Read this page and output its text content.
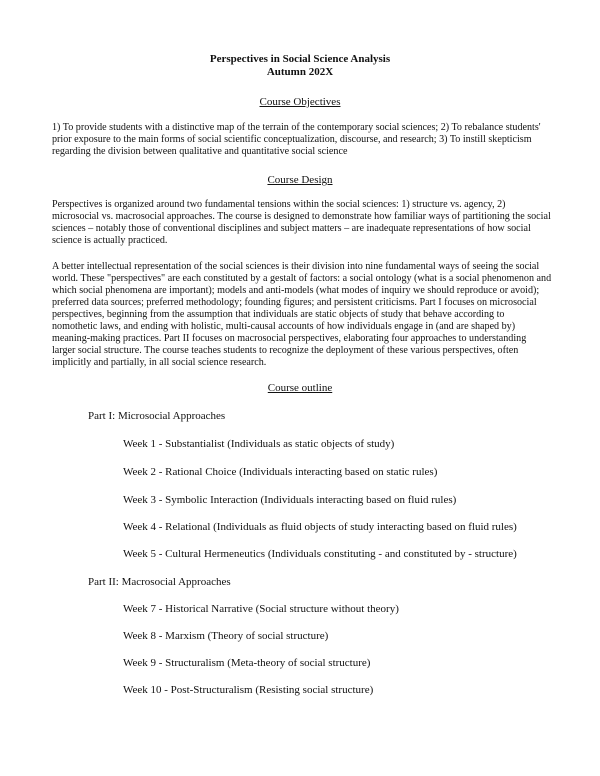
Perspectives in Social Science Analysis
Autumn 202X
Course Objectives
1) To provide students with a distinctive map of the terrain of the contemporary social sciences; 2) To rebalance students' prior exposure to the main forms of social scientific conceptualization, discourse, and research; 3) To instill skepticism regarding the division between qualitative and quantitative social science
Course Design
Perspectives is organized around two fundamental tensions within the social sciences: 1) structure vs. agency, 2) microsocial vs. macrosocial approaches. The course is designed to demonstrate how familiar ways of partitioning the social sciences – notably those of conventional disciplines and subject matters – are inadequate representations of how social science is actually practiced.
A better intellectual representation of the social sciences is their division into nine fundamental ways of seeing the social world. These "perspectives" are each constituted by a gestalt of factors: a social ontology (what is a social phenomenon and which social phenomena are important); models and anti-models (what modes of inquiry we should reproduce or avoid); preferred data sources; preferred methodology; founding figures; and persistent criticisms. Part I focuses on microsocial perspectives, beginning from the assumption that individuals are static objects of study that behave according to nomothetic laws, and ending with holistic, multi-causal accounts of how individuals engage in (and are shaped by) meaning-making practices. Part II focuses on macrosocial perspectives, elaborating four approaches to understanding larger social structure. The course teaches students to recognize the deployment of these various perspectives, often implicitly and partially, in all social science research.
Course outline
Part I: Microsocial Approaches
Week 1 - Substantialist (Individuals as static objects of study)
Week 2 - Rational Choice (Individuals interacting based on static rules)
Week 3 - Symbolic Interaction (Individuals interacting based on fluid rules)
Week 4 - Relational (Individuals as fluid objects of study interacting based on fluid rules)
Week 5 - Cultural Hermeneutics (Individuals constituting - and constituted by - structure)
Part II: Macrosocial Approaches
Week 7 - Historical Narrative (Social structure without theory)
Week 8 - Marxism (Theory of social structure)
Week 9 - Structuralism (Meta-theory of social structure)
Week 10 - Post-Structuralism (Resisting social structure)
